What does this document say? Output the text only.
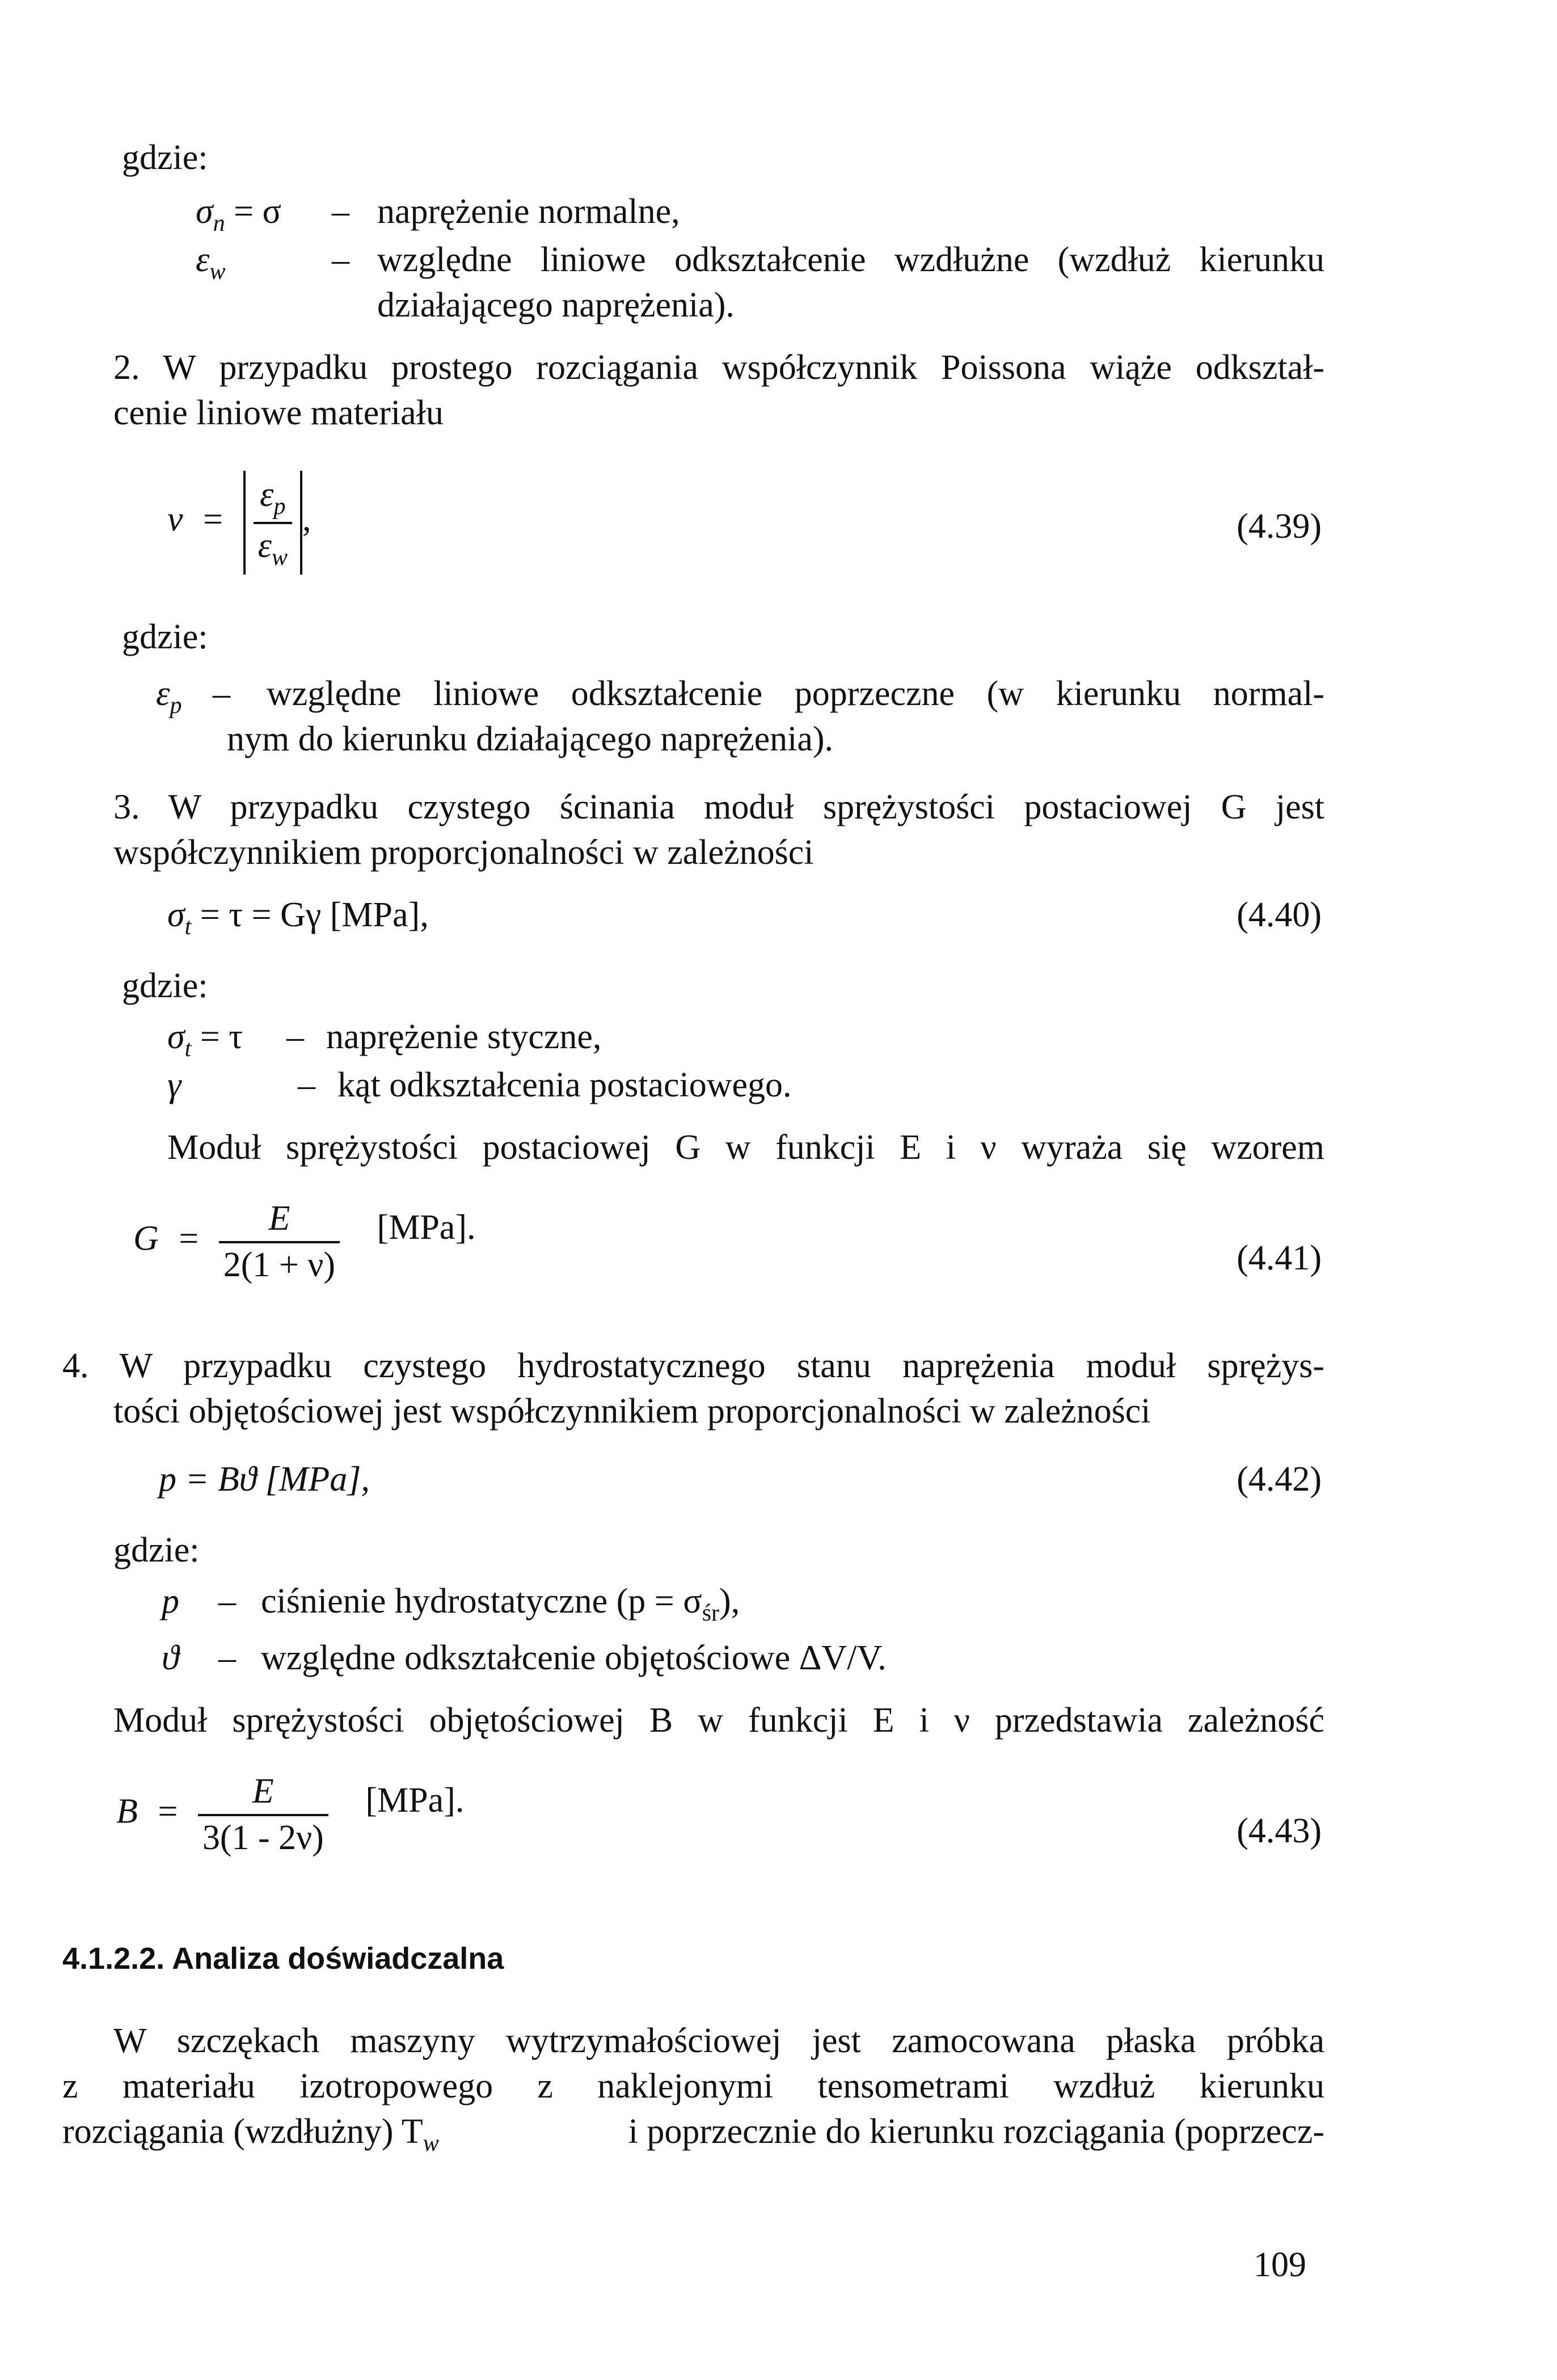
gdzie:
$\sigma_n = \sigma$ – naprężenie normalne,
$\varepsilon_w$	– względne liniowe odkształcenie wzdłużne (wzdłuż kierunku
działającego naprężenia).
2. W przypadku prostego rozciągania współczynnik Poissona wiąże odkształ-
cenie liniowe materiału
$\nu = \frac{\varepsilon_p}{\varepsilon_w}$ ,	(4.39)
gdzie:
$\varepsilon_p$ – względne liniowe odkształcenie poprzeczne (w kierunku normal-
nym do kierunku działającego naprężenia).
3. W przypadku czystego ścinania moduł sprężystości postaciowej G jest
współczynnikiem proporcjonalności w zależności
$\sigma_t = \tau = G\gamma$ [MPa],	(4.40)
gdzie:
$\sigma_t = \tau$ – naprężenie styczne,
γ	– kąt odkształcenia postaciowego.
Moduł sprężystości postaciowej G w funkcji E i ν wyraża się wzorem
$G = \frac{E}{2(1 + \nu)} [MPa]$.
(4.41)
4. W przypadku czystego hydrostatycznego stanu naprężenia moduł sprężys-
tości objętościowej jest współczynnikiem proporcjonalności w zależności
p = Bϑ [MPa],	(4.42)
gdzie:
p – ciśnienie hydrostatyczne $(p = \sigma_{śr})$,
ϑ – względne odkształcenie objętościowe ΔV/V.
Moduł sprężystości objętościowej B w funkcji E i ν przedstawia zależność
$B = \frac{E}{3(1 - 2\nu)} [MPa]$.
(4.43)
4.1.2.2. Analiza doświadczalna
W szczękach maszyny wytrzymałościowej jest zamocowana płaska próbka
z materiału izotropowego z naklejonymi tensometrami wzdłuż kierunku
rozciągania (wzdłużny) $T_w$	i poprzecznie do kierunku rozciągania (poprzecz-
109
